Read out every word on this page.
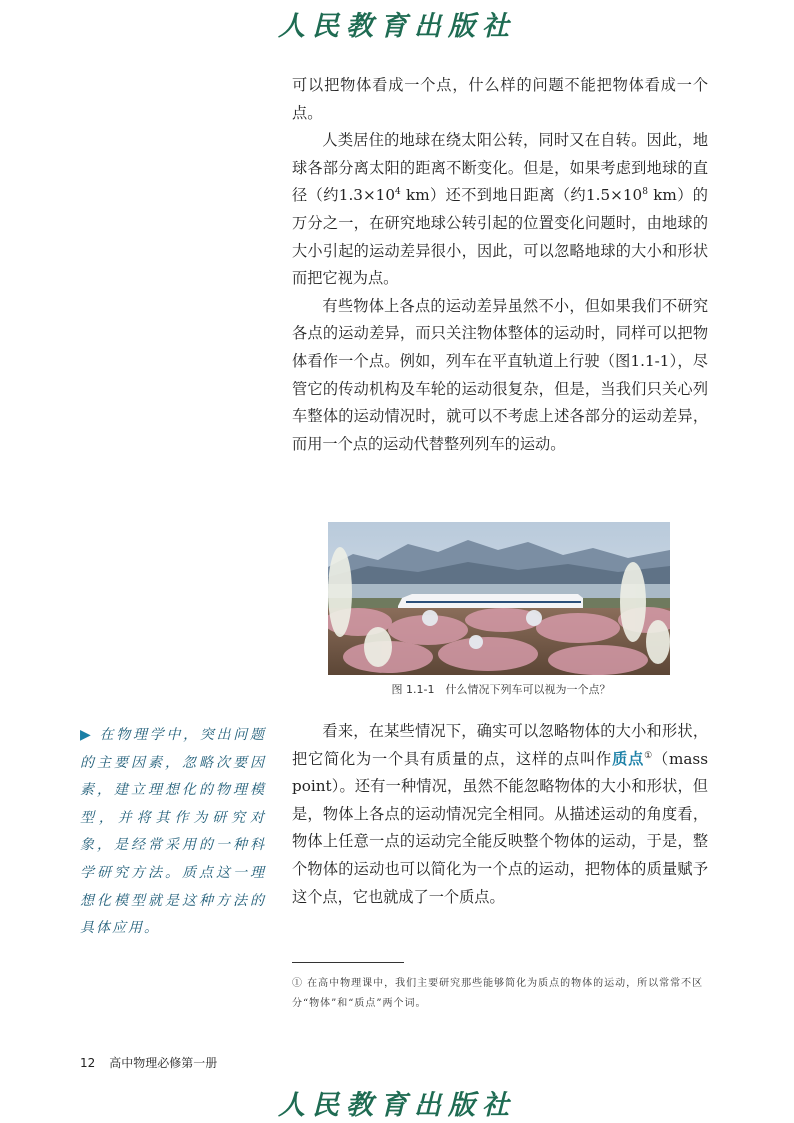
人民教育出版社

可以把物体看成一个点，什么样的问题不能把物体看成一个点。

人类居住的地球在绕太阳公转，同时又在自转。因此，地球各部分离太阳的距离不断变化。但是，如果考虑到地球的直径（约$1.3\times 10^4$ km）还不到地日距离（约$1.5\times 10^8$ km）的万分之一，在研究地球公转引起的位置变化问题时，由地球的大小引起的运动差异很小，因此，可以忽略地球的大小和形状而把它视为点。

有些物体上各点的运动差异虽然不小，但如果我们不研究各点的运动差异，而只关注物体整体的运动时，同样可以把物体看作一个点。例如，列车在平直轨道上行驶（图1.1-1），尽管它的传动机构及车轮的运动很复杂，但是，当我们只关心列车整体的运动情况时，就可以不考虑上述各部分的运动差异，而用一个点的运动代替整列列车的运动。

图 1.1-1　什么情况下列车可以视为一个点？
▶ 在物理学中，突出问题的主要因素，忽略次要因素，建立理想化的物理模型，并将其作为研究对象，是经常采用的一种科学研究方法。质点这一理想化模型就是这种方法的具体应用。

看来，在某些情况下，确实可以忽略物体的大小和形状，把它简化为一个具有质量的点，这样的点叫作质点①（mass point）。还有一种情况，虽然不能忽略物体的大小和形状，但是，物体上各点的运动情况完全相同。从描述运动的角度看，物体上任意一点的运动完全能反映整个物体的运动，于是，整个物体的运动也可以简化为一个点的运动，把物体的质量赋予这个点，它也就成了一个质点。

① 在高中物理课中，我们主要研究那些能够简化为质点的物体的运动，所以常常不区分“物体”和“质点”两个词。
12 高中物理必修第一册
人民教育出版社
